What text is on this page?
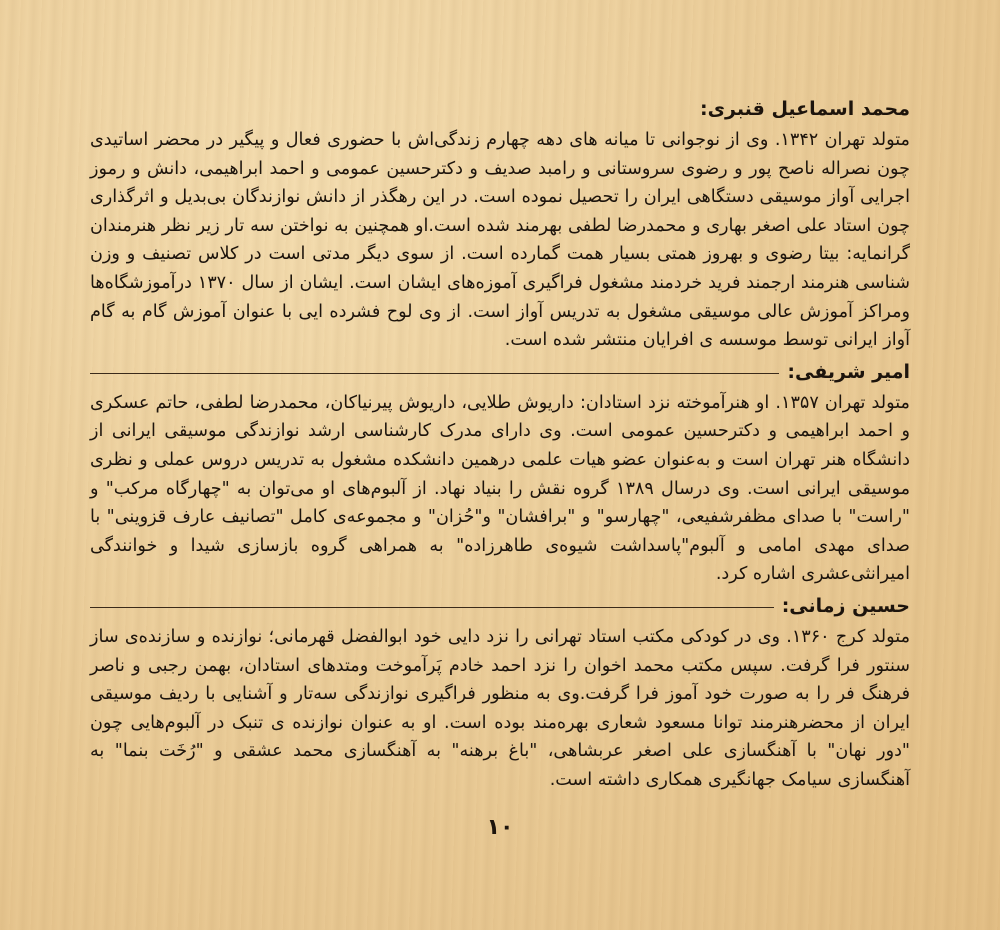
محمد اسماعیل قنبری:

متولد تهران ۱۳۴۲. وی از نوجوانی تا میانه های دهه چهارم زندگی‌اش با حضوری فعال و پیگیر در محضر اساتیدی چون نصراله ناصح پور و رضوی سروستانی و رامبد صدیف و دکترحسین عمومی و احمد ابراهیمی، دانش و رموز اجرایی آواز موسیقی دستگاهی ایران را تحصیل نموده است. در این رهگذر از دانش نوازندگان بی‌بدیل و اثرگذاری چون استاد علی اصغر بهاری و محمدرضا لطفی بهرمند شده است.او همچنین به نواختن سه تار زیر نظر هنرمندان گرانمایه: بیتا رضوی و بهروز همتی بسیار همت گمارده است. از سوی دیگر مدتی است در کلاس تصنیف و وزن شناسی هنرمند ارجمند فرید خردمند مشغول فراگیری آموزه‌های ایشان است. ایشان از سال ۱۳۷۰ درآموزشگاه‌ها ومراکز آموزش عالی موسیقی مشغول به تدریس آواز است. از وی لوح فشرده ایی با عنوان آموزش گام به گام آواز ایرانی توسط موسسه ی افرایان منتشر شده است.

امیر شریفی:

متولد تهران ۱۳۵۷. او هنرآموخته نزد استادان: داریوش طلایی، داریوش پیرنیاکان، محمدرضا لطفی، حاتم عسکری و احمد ابراهیمی و دکترحسین عمومی است. وی دارای مدرک کارشناسی ارشد نوازندگی موسیقی ایرانی از دانشگاه هنر تهران است و به‌عنوان عضو هیات علمی درهمین دانشکده مشغول به تدریس دروس عملی و نظری موسیقی ایرانی است. وی درسال ۱۳۸۹ گروه نقش را بنیاد نهاد. از آلبوم‌های او می‌توان به "چهارگاه مرکب" و "راست" با صدای مظفرشفیعی، "چهارسو" و "برافشان" و"حُزان" و مجموعه‌ی کامل "تصانیف عارف قزوینی" با صدای مهدی امامی و آلبوم"پاسداشت شیوه‌ی طاهرزاده" به همراهی گروه بازسازی شیدا و خوانندگی امیرانثی‌عشری اشاره کرد.

حسین زمانی:

متولد کرج ۱۳۶۰. وی در کودکی مکتب استاد تهرانی را نزد دایی خود ابوالفضل قهرمانی؛ نوازنده و سازنده‌ی ساز سنتور فرا گرفت. سپس مکتب محمد اخوان را نزد احمد خادم پَرآموخت ومتدهای استادان، بهمن رجبی و ناصر فرهنگ فر را به صورت خود آموز فرا گرفت.وی به منظور فراگیری نوازندگی سه‌تار و آشنایی با ردیف موسیقی ایران از محضرهنرمند توانا مسعود شعاری بهره‌مند بوده است. او به عنوان نوازنده ی تنبک در آلبوم‌هایی چون "دور نهان" با آهنگسازی علی اصغر عربشاهی، "باغ برهنه" به آهنگسازی محمد عشقی و "رُخَت بنما" به آهنگسازی سیامک جهانگیری همکاری داشته است.

۱۰
